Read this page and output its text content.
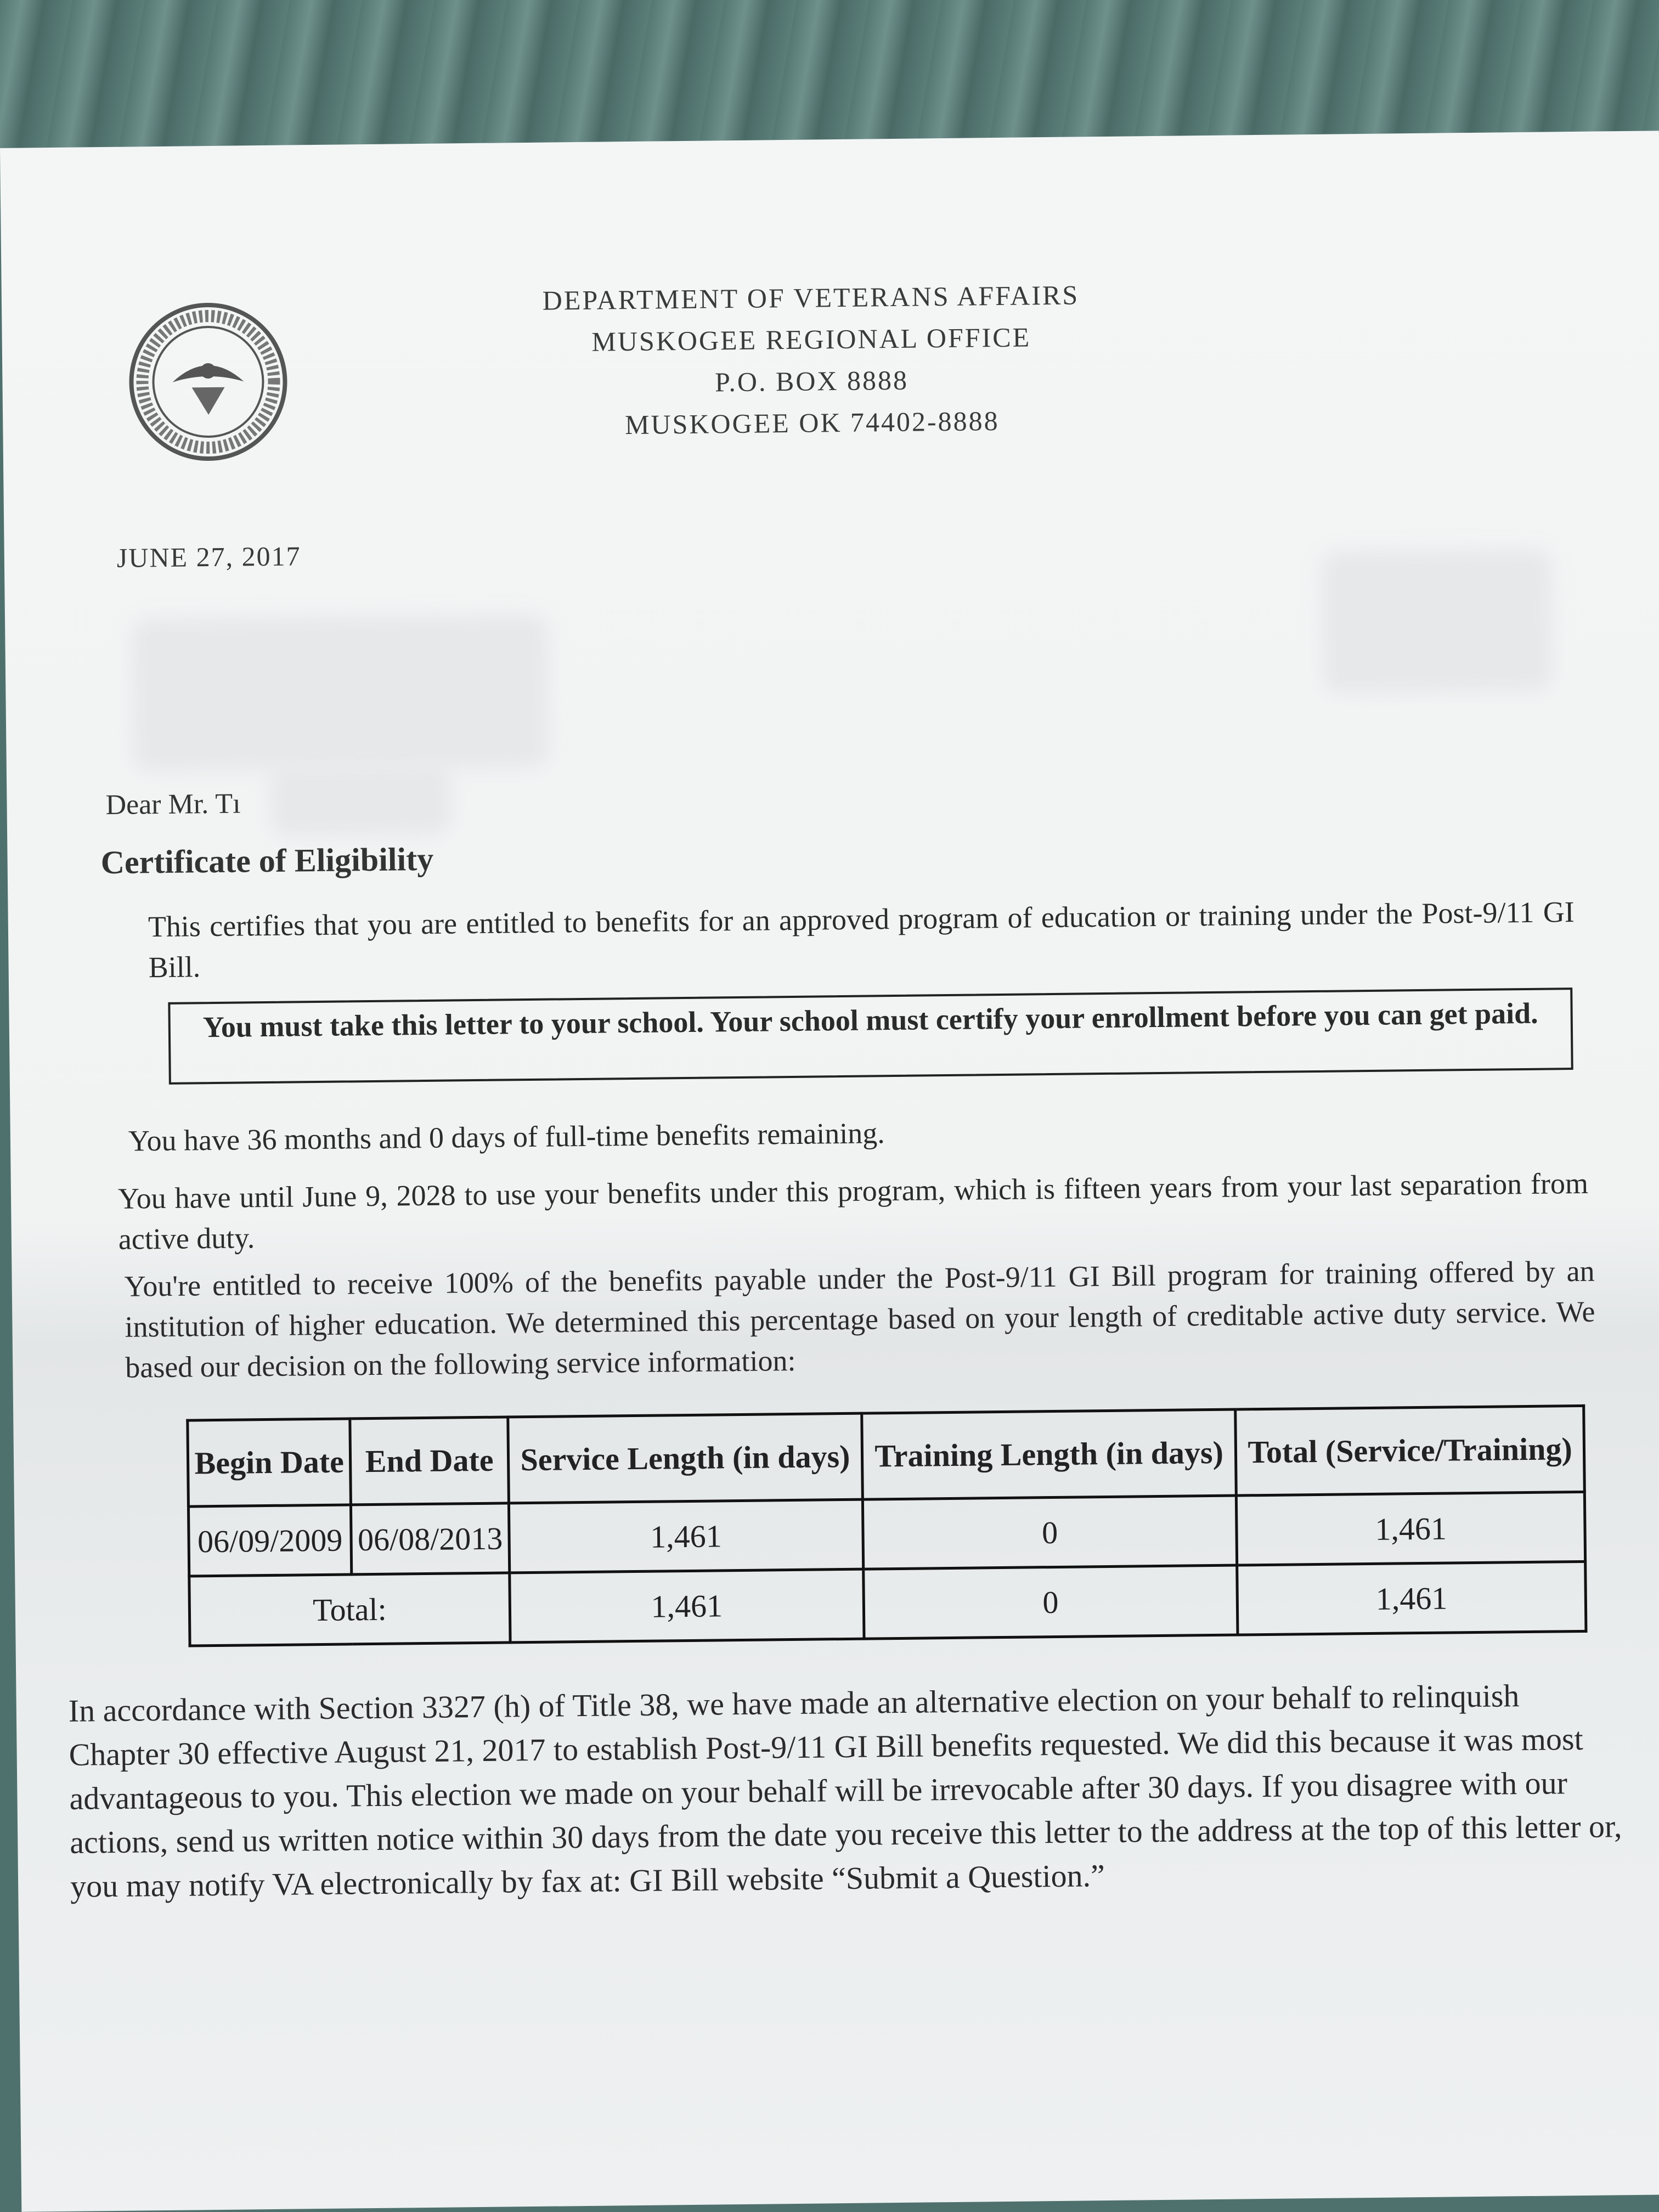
DEPARTMENT OF VETERANS AFFAIRS
MUSKOGEE REGIONAL OFFICE
P.O. BOX 8888
MUSKOGEE OK 74402-8888
JUNE 27, 2017
Dear Mr. Tı
Certificate of Eligibility
This certifies that you are entitled to benefits for an approved program of education or training under the Post-9/11 GI Bill.
You must take this letter to your school. Your school must certify your enrollment before you can get paid.
You have 36 months and 0 days of full-time benefits remaining.
You have until June 9, 2028 to use your benefits under this program, which is fifteen years from your last separation from active duty.
You're entitled to receive 100% of the benefits payable under the Post-9/11 GI Bill program for training offered by an institution of higher education. We determined this percentage based on your length of creditable active duty service. We based our decision on the following service information:
Begin Date	End Date	Service Length (in days)	Training Length (in days)	Total (Service/Training)
06/09/2009	06/08/2013	1,461	0	1,461
Total:		1,461	0	1,461
In accordance with Section 3327 (h) of Title 38, we have made an alternative election on your behalf to relinquish Chapter 30 effective August 21, 2017 to establish Post-9/11 GI Bill benefits requested. We did this because it was most advantageous to you. This election we made on your behalf will be irrevocable after 30 days. If you disagree with our actions, send us written notice within 30 days from the date you receive this letter to the address at the top of this letter or, you may notify VA electronically by fax at: GI Bill website “Submit a Question.”
